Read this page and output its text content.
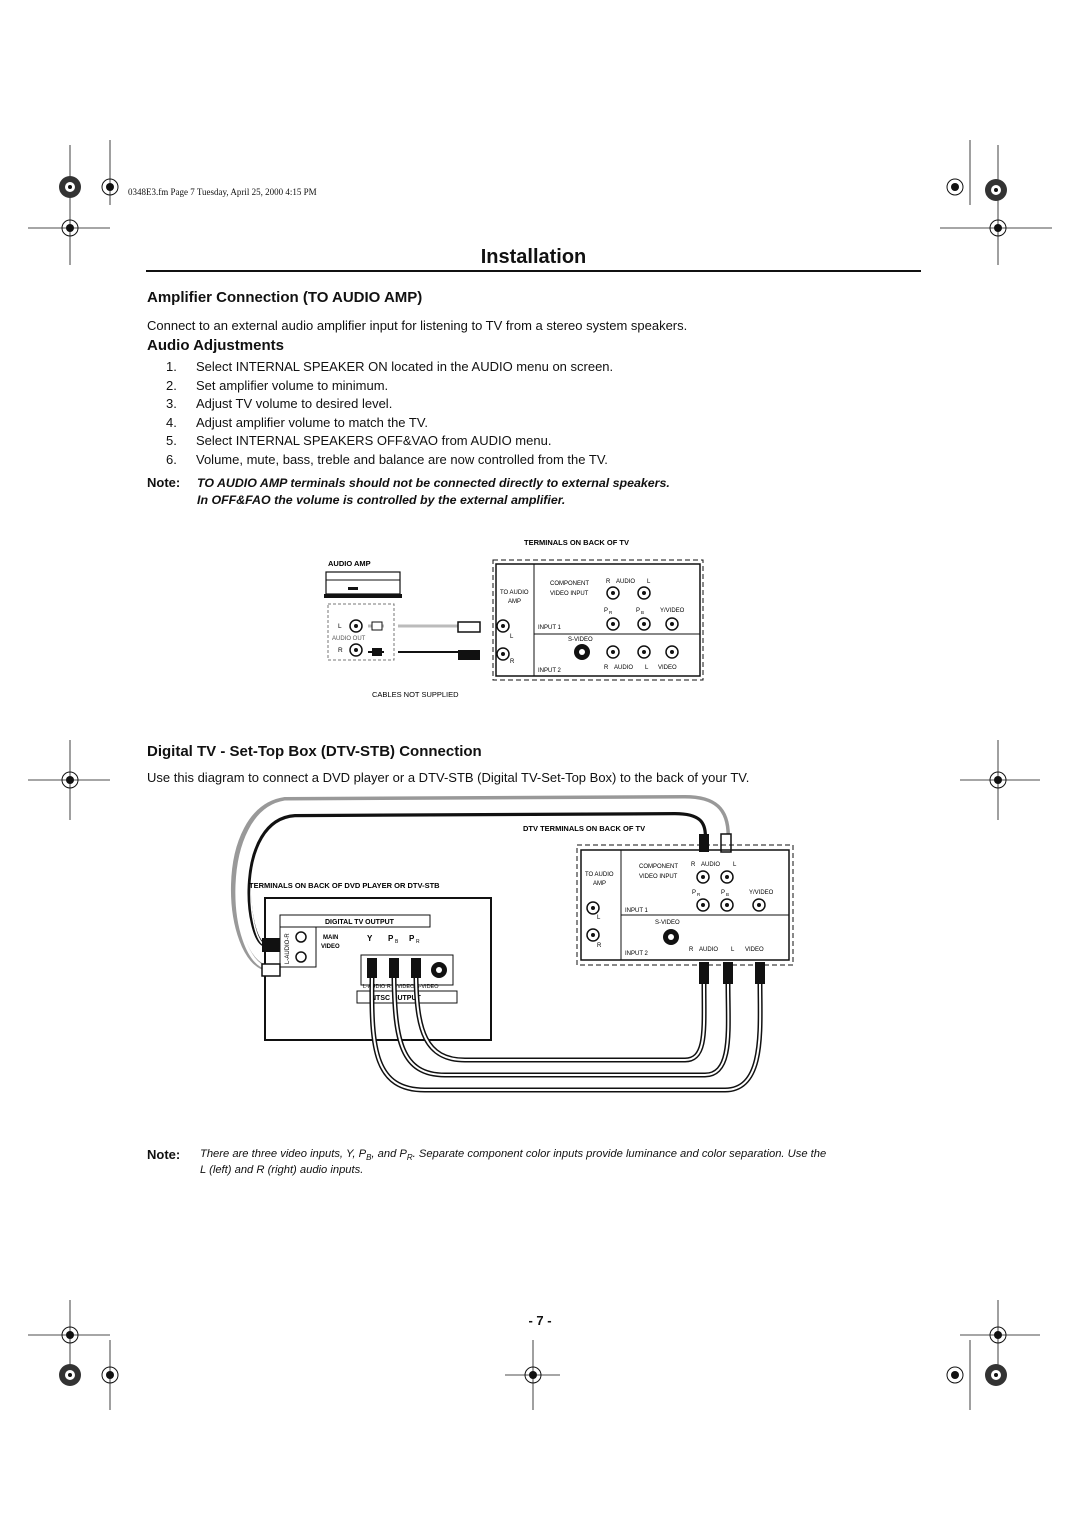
0348E3.fm Page 7 Tuesday, April 25, 2000 4:15 PM
Installation
Amplifier Connection (TO AUDIO AMP)
Connect to an external audio amplifier input for listening to TV from a stereo system speakers.
Audio Adjustments
1. Select INTERNAL SPEAKER ON located in the AUDIO menu on screen.
2. Set amplifier volume to minimum.
3. Adjust TV volume to desired level.
4. Adjust amplifier volume to match the TV.
5. Select INTERNAL SPEAKERS OFF&VAO from AUDIO menu.
6. Volume, mute, bass, treble and balance are now controlled from the TV.
Note: TO AUDIO AMP terminals should not be connected directly to external speakers.
In OFF&FAO the volume is controlled by the external amplifier.
TERMINALS ON BACK OF TV
AUDIO AMP
L
AUDIO OUT
R
TO AUDIO
AMP
L
R
COMPONENT
VIDEO INPUT
R AUDIO L
P R	P B	Y/VIDEO
INPUT 1
S-VIDEO
INPUT 2	R AUDIO L VIDEO
CABLES NOT SUPPLIED
Digital TV - Set-Top Box (DTV-STB) Connection
Use this diagram to connect a DVD player or a DTV-STB (Digital TV-Set-Top Box) to the back of your TV.
DTV TERMINALS ON BACK OF TV
TO AUDIO
AMP
L
R
COMPONENT
VIDEO INPUT
R AUDIO L
P R	P B	Y/VIDEO
INPUT 1
S-VIDEO
INPUT 2
R AUDIO L VIDEO
TERMINALS ON BACK OF DVD PLAYER OR DTV-STB
DIGITAL TV OUTPUT
L-AUDIO-R	MAIN
VIDEO
Y P B P R
L-AUDIO R L-VIDEO S-VIDEO
NTSC OUTPUT
Note: There are three video inputs, Y, $P_B$, and $P_R$. Separate component color inputs provide luminance and color separation. Use the
L (left) and R (right) audio inputs.
- 7 -
